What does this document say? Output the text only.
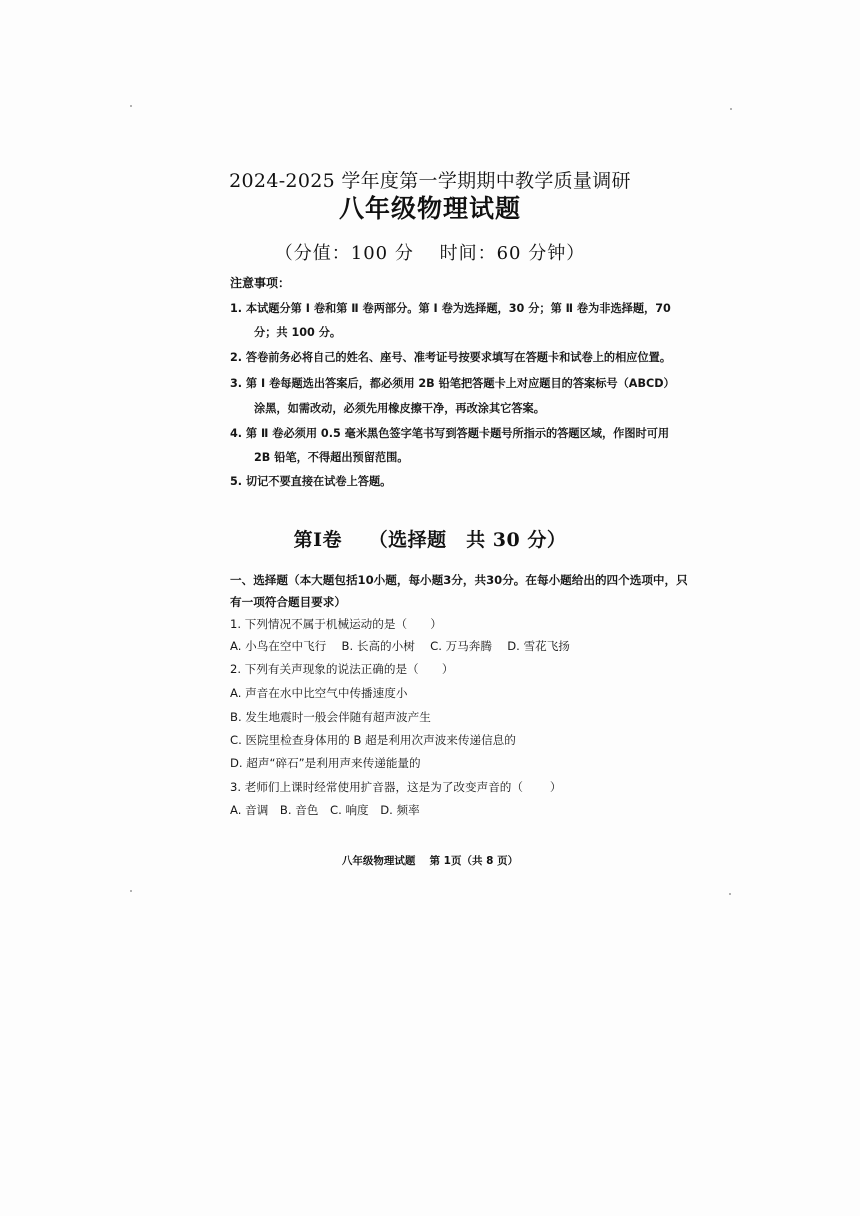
2024-2025 学年度第一学期期中教学质量调研
八年级物理试题
（分值：100 分　 时间：60 分钟）
注意事项：
1. 本试题分第 Ⅰ 卷和第 Ⅱ 卷两部分。第 Ⅰ 卷为选择题，30 分；第 Ⅱ 卷为非选择题，70
分；共 100 分。
2. 答卷前务必将自己的姓名、座号、准考证号按要求填写在答题卡和试卷上的相应位置。
3. 第 Ⅰ 卷每题选出答案后，都必须用 2B 铅笔把答题卡上对应题目的答案标号（ABCD）
涂黑，如需改动，必须先用橡皮擦干净，再改涂其它答案。
4. 第 Ⅱ 卷必须用 0.5 毫米黑色签字笔书写到答题卡题号所指示的答题区域，作图时可用
2B 铅笔，不得超出预留范围。
5. 切记不要直接在试卷上答题。
第Ⅰ卷　 （选择题　共 30 分）
一、选择题（本大题包括10小题，每小题3分，共30分。在每小题给出的四个选项中，只
有一项符合题目要求）
1. 下列情况不属于机械运动的是（　　）
A. 小鸟在空中飞行　 B. 长高的小树　 C. 万马奔腾　 D. 雪花飞扬
2. 下列有关声现象的说法正确的是（　　）
A. 声音在水中比空气中传播速度小
B. 发生地震时一般会伴随有超声波产生
C. 医院里检查身体用的 B 超是利用次声波来传递信息的
D. 超声“碎石”是利用声来传递能量的
3. 老师们上课时经常使用扩音器，这是为了改变声音的（　　 ）
A. 音调　B. 音色　C. 响度　D. 频率
八年级物理试题　 第 1页（共 8 页）
